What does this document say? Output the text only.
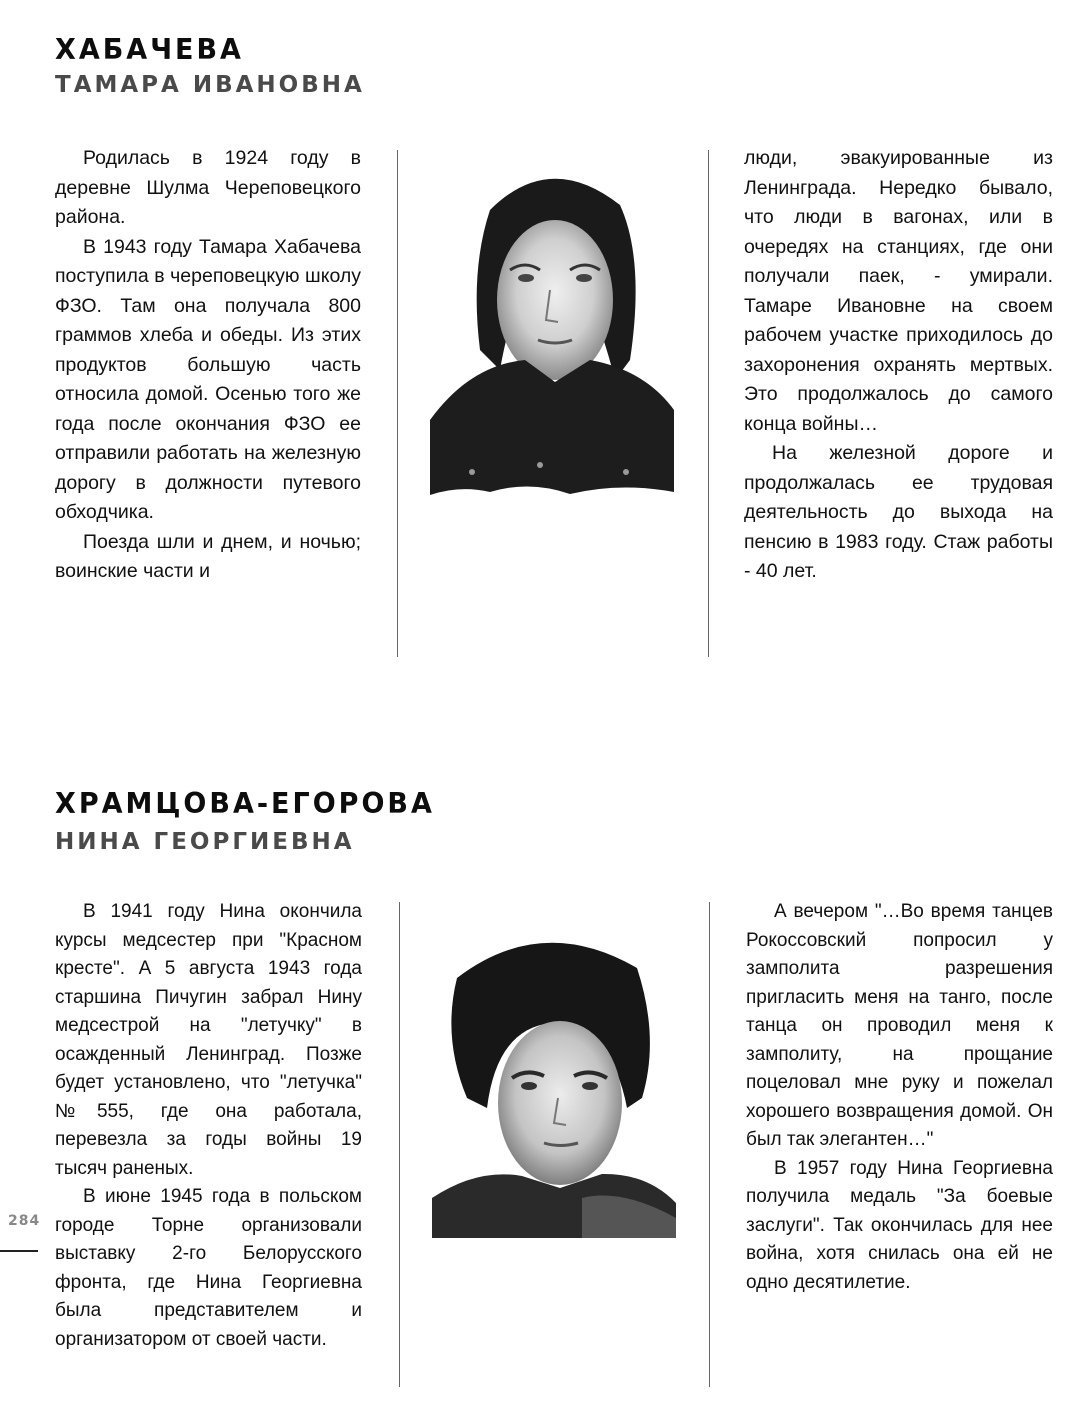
ХАБАЧЕВА
ТАМАРА ИВАНОВНА

Родилась в 1924 году в деревне Шулма Череповецкого района.

В 1943 году Тамара Хабачева поступила в череповецкую школу ФЗО. Там она получала 800 граммов хлеба и обеды. Из этих продуктов большую часть относила домой. Осенью того же года после окончания ФЗО ее отправили работать на железную дорогу в должности путевого обходчика.

Поезда шли и днем, и ночью; воинские части и

люди, эвакуированные из Ленинграда. Нередко бывало, что люди в вагонах, или в очередях на станциях, где они получали паек, - умирали. Тамаре Ивановне на своем рабочем участке приходилось до захоронения охранять мертвых. Это продолжалось до самого конца войны…

На железной дороге и продолжалась ее трудовая деятельность до выхода на пенсию в 1983 году. Стаж работы - 40 лет.

ХРАМЦОВА-ЕГОРОВА
НИНА ГЕОРГИЕВНА

В 1941 году Нина окончила курсы медсестер при "Красном кресте". А 5 августа 1943 года старшина Пичугин забрал Нину медсестрой на "летучку" в осажденный Ленинград. Позже будет установлено, что "летучка" №555, где она работала, перевезла за годы войны 19 тысяч раненых.

В июне 1945 года в польском городе Торне организовали выставку 2-го Белорусского фронта, где Нина Георгиевна была представителем и организатором от своей части.

А вечером "…Во время танцев Рокоссовский попросил у замполита разрешения пригласить меня на танго, после танца он проводил меня к замполиту, на прощание поцеловал мне руку и пожелал хорошего возвращения домой. Он был так элегантен…"

В 1957 году Нина Георгиевна получила медаль "За боевые заслуги". Так окончилась для нее война, хотя снилась она ей не одно десятилетие.

284
